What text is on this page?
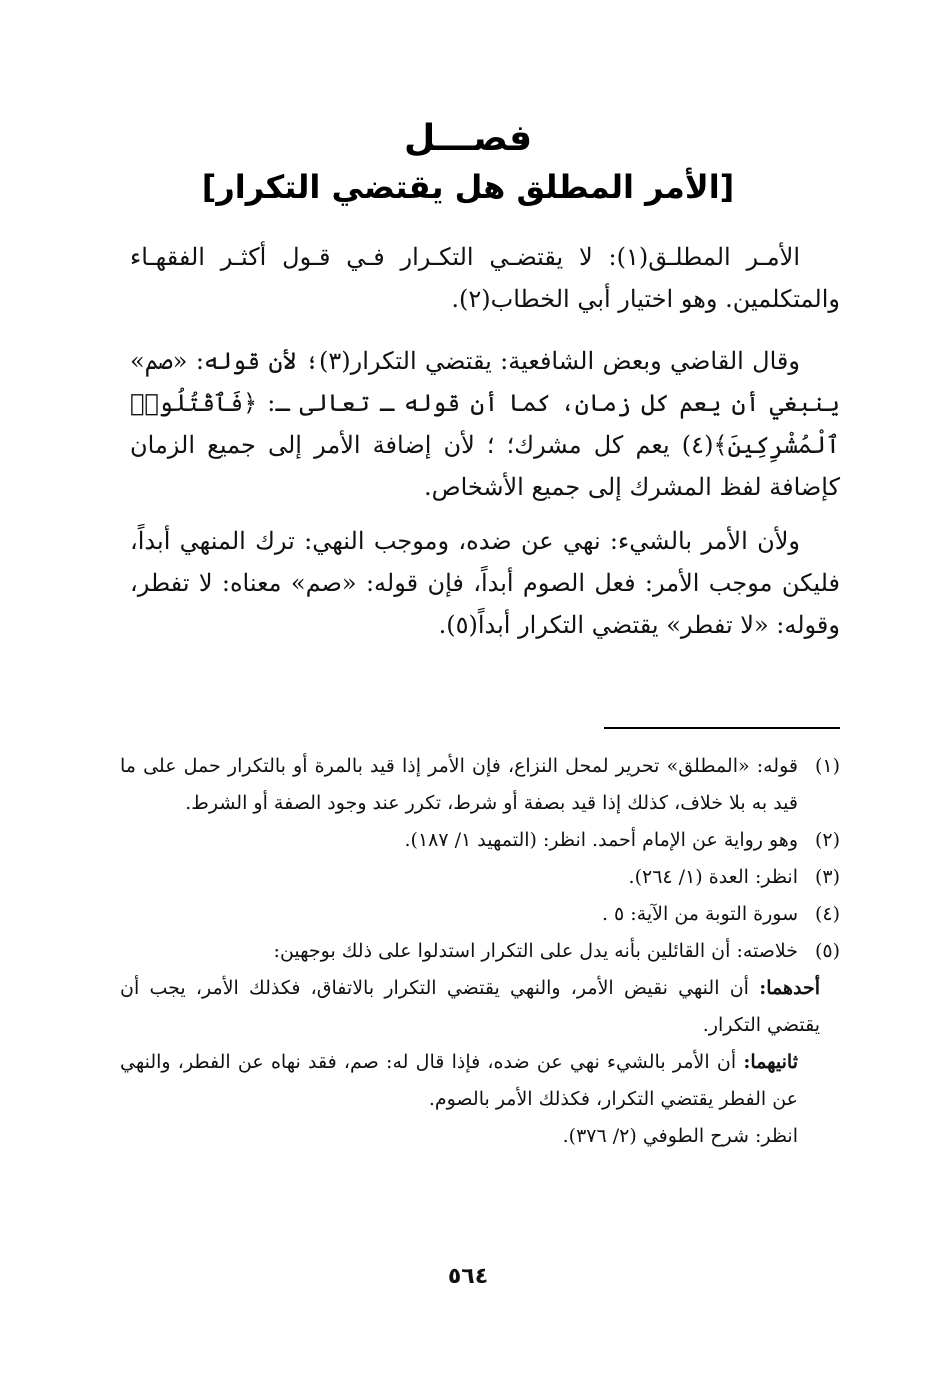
فصـــل
[الأمر المطلق هل يقتضي التكرار]
الأمـر المطلـق(١): لا يقتضـي التكـرار فـي قـول أكثـر الفقهـاء والمتكلمين. وهو اختيار أبي الخطاب(٢).
وقال القاضي وبعض الشافعية: يقتضي التكرار(٣)؛ لأن قوله: «صم» ينبغي أن يعم كل زمان، كما أن قوله ـ تعالى ـ: ﴿فَٱقْتُلُوا۟ ٱلْمُشْرِكِينَ﴾(٤) يعم كل مشرك؛ ؛ لأن إضافة الأمر إلى جميع الزمان كإضافة لفظ المشرك إلى جميع الأشخاص.
ولأن الأمر بالشيء: نهي عن ضده، وموجب النهي: ترك المنهي أبداً، فليكن موجب الأمر: فعل الصوم أبداً، فإن قوله: «صم» معناه: لا تفطر، وقوله: «لا تفطر» يقتضي التكرار أبداً(٥).
(١)
قوله: «المطلق» تحرير لمحل النزاع، فإن الأمر إذا قيد بالمرة أو بالتكرار حمل على ما قيد به بلا خلاف، كذلك إذا قيد بصفة أو شرط، تكرر عند وجود الصفة أو الشرط.
(٢)
وهو رواية عن الإمام أحمد. انظر: (التمهيد ١/ ١٨٧).
(٣)
انظر: العدة (١/ ٢٦٤).
(٤)
سورة التوبة من الآية: ٥ .
(٥)
خلاصته: أن القائلين بأنه يدل على التكرار استدلوا على ذلك بوجهين:
أحدهما: أن النهي نقيض الأمر، والنهي يقتضي التكرار بالاتفاق، فكذلك الأمر، يجب أن يقتضي التكرار.
ثانيهما: أن الأمر بالشيء نهي عن ضده، فإذا قال له: صم، فقد نهاه عن الفطر، والنهي عن الفطر يقتضي التكرار، فكذلك الأمر بالصوم.
انظر: شرح الطوفي (٢/ ٣٧٦).
٥٦٤
